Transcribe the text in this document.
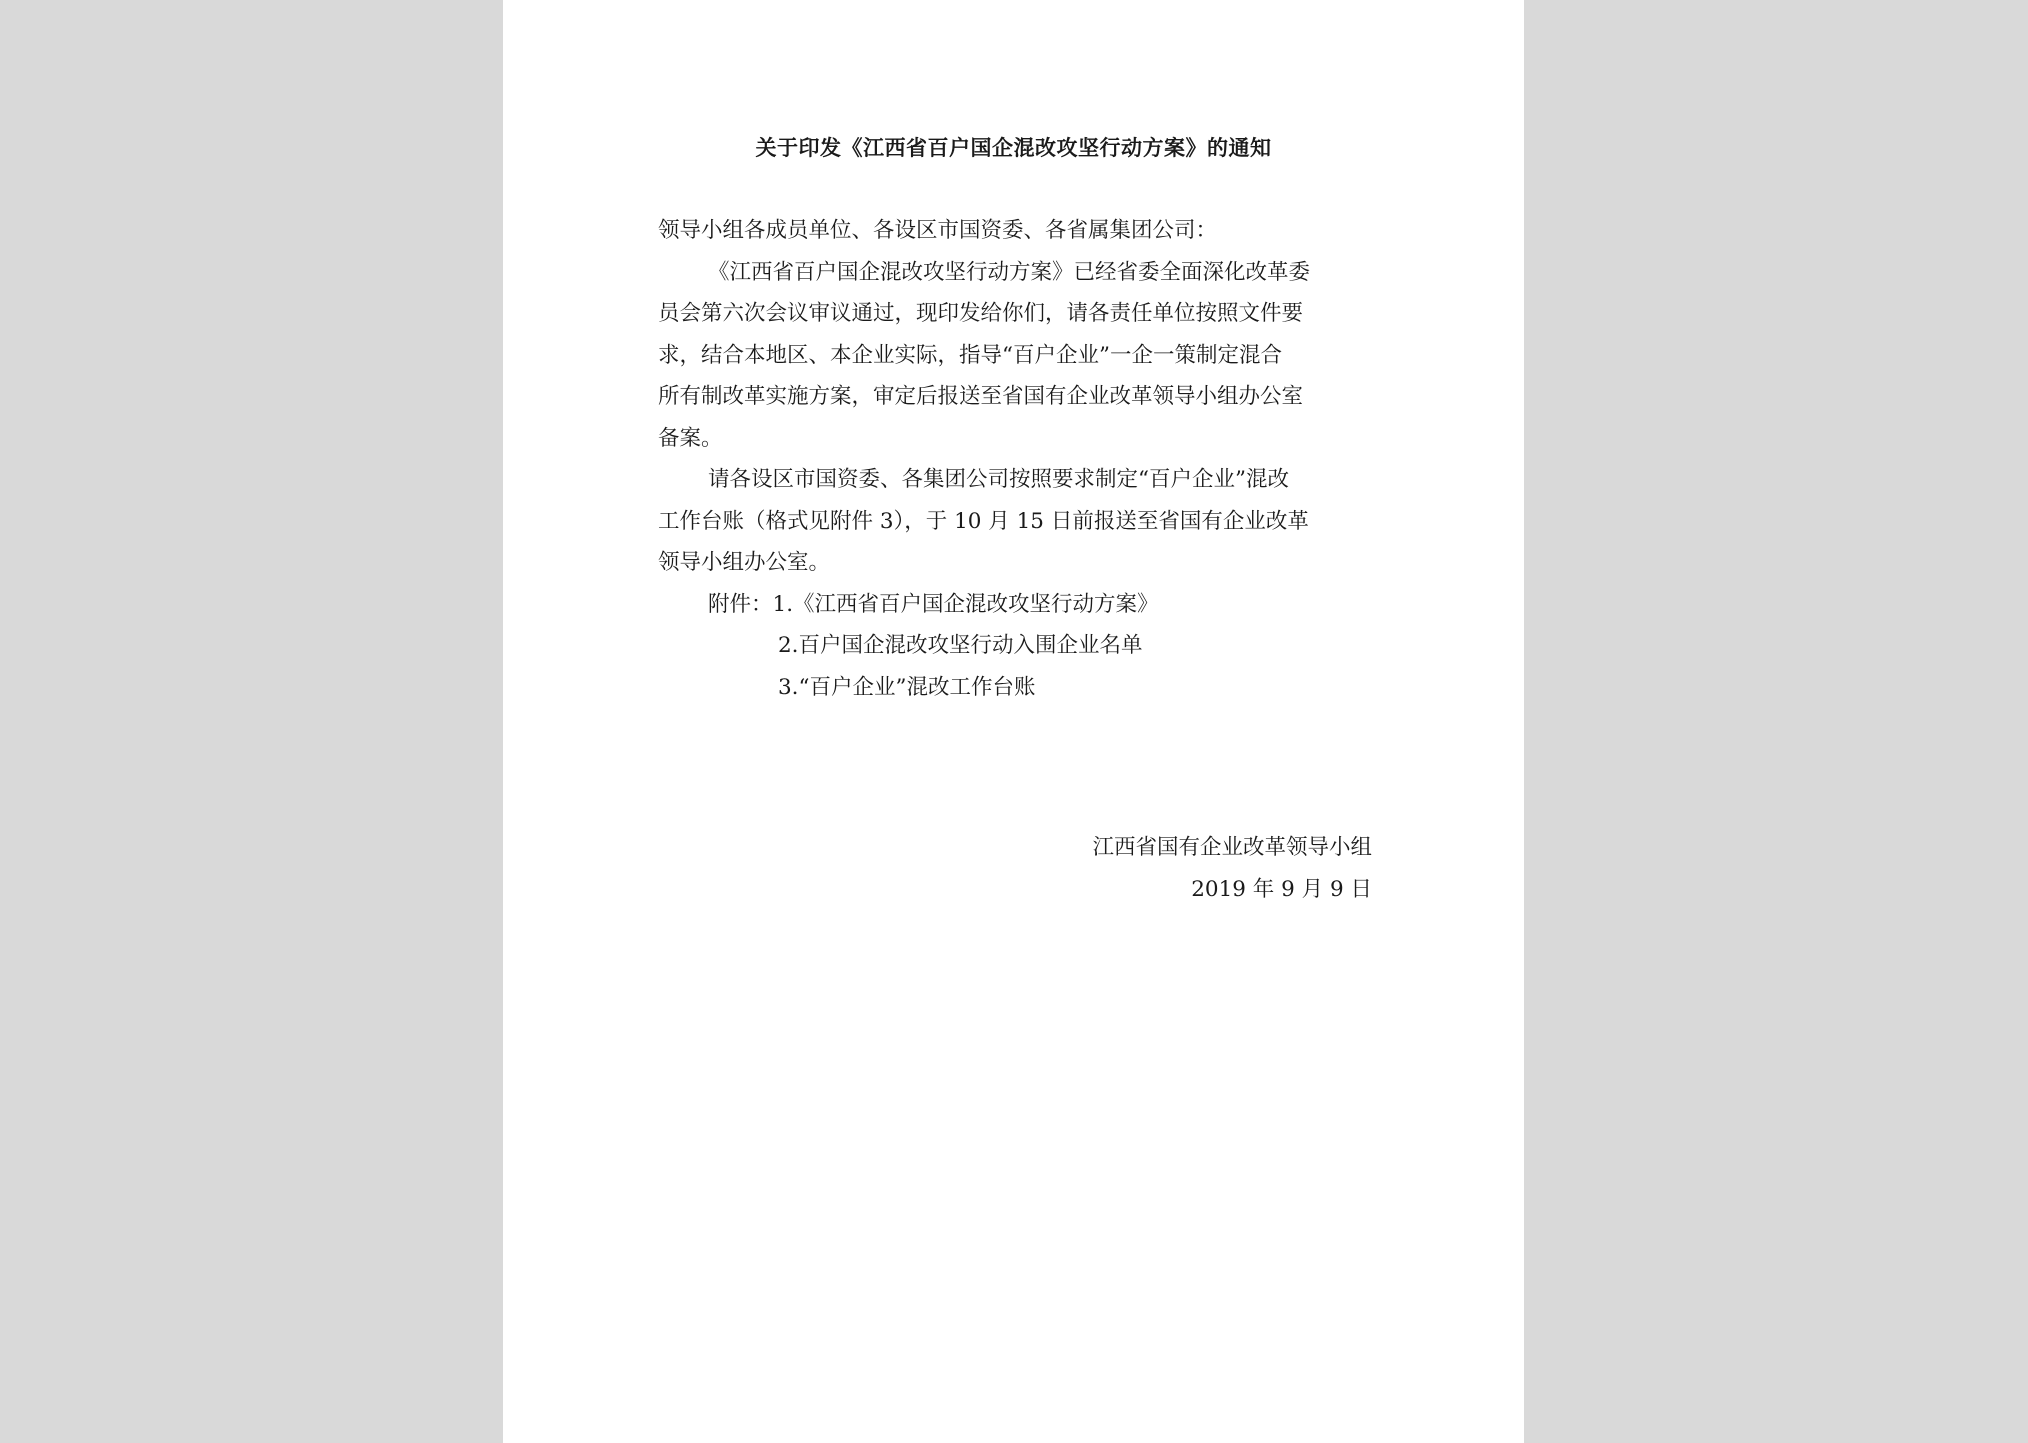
关于印发《江西省百户国企混改攻坚行动方案》的通知
领导小组各成员单位、各设区市国资委、各省属集团公司：
《江西省百户国企混改攻坚行动方案》已经省委全面深化改革委
员会第六次会议审议通过，现印发给你们，请各责任单位按照文件要
求，结合本地区、本企业实际，指导“百户企业”一企一策制定混合
所有制改革实施方案，审定后报送至省国有企业改革领导小组办公室
备案。
请各设区市国资委、各集团公司按照要求制定“百户企业”混改
工作台账（格式见附件 3），于 10 月 15 日前报送至省国有企业改革
领导小组办公室。
附件：1.《江西省百户国企混改攻坚行动方案》
2.百户国企混改攻坚行动入围企业名单
3.“百户企业”混改工作台账
江西省国有企业改革领导小组
2019 年 9 月 9 日
